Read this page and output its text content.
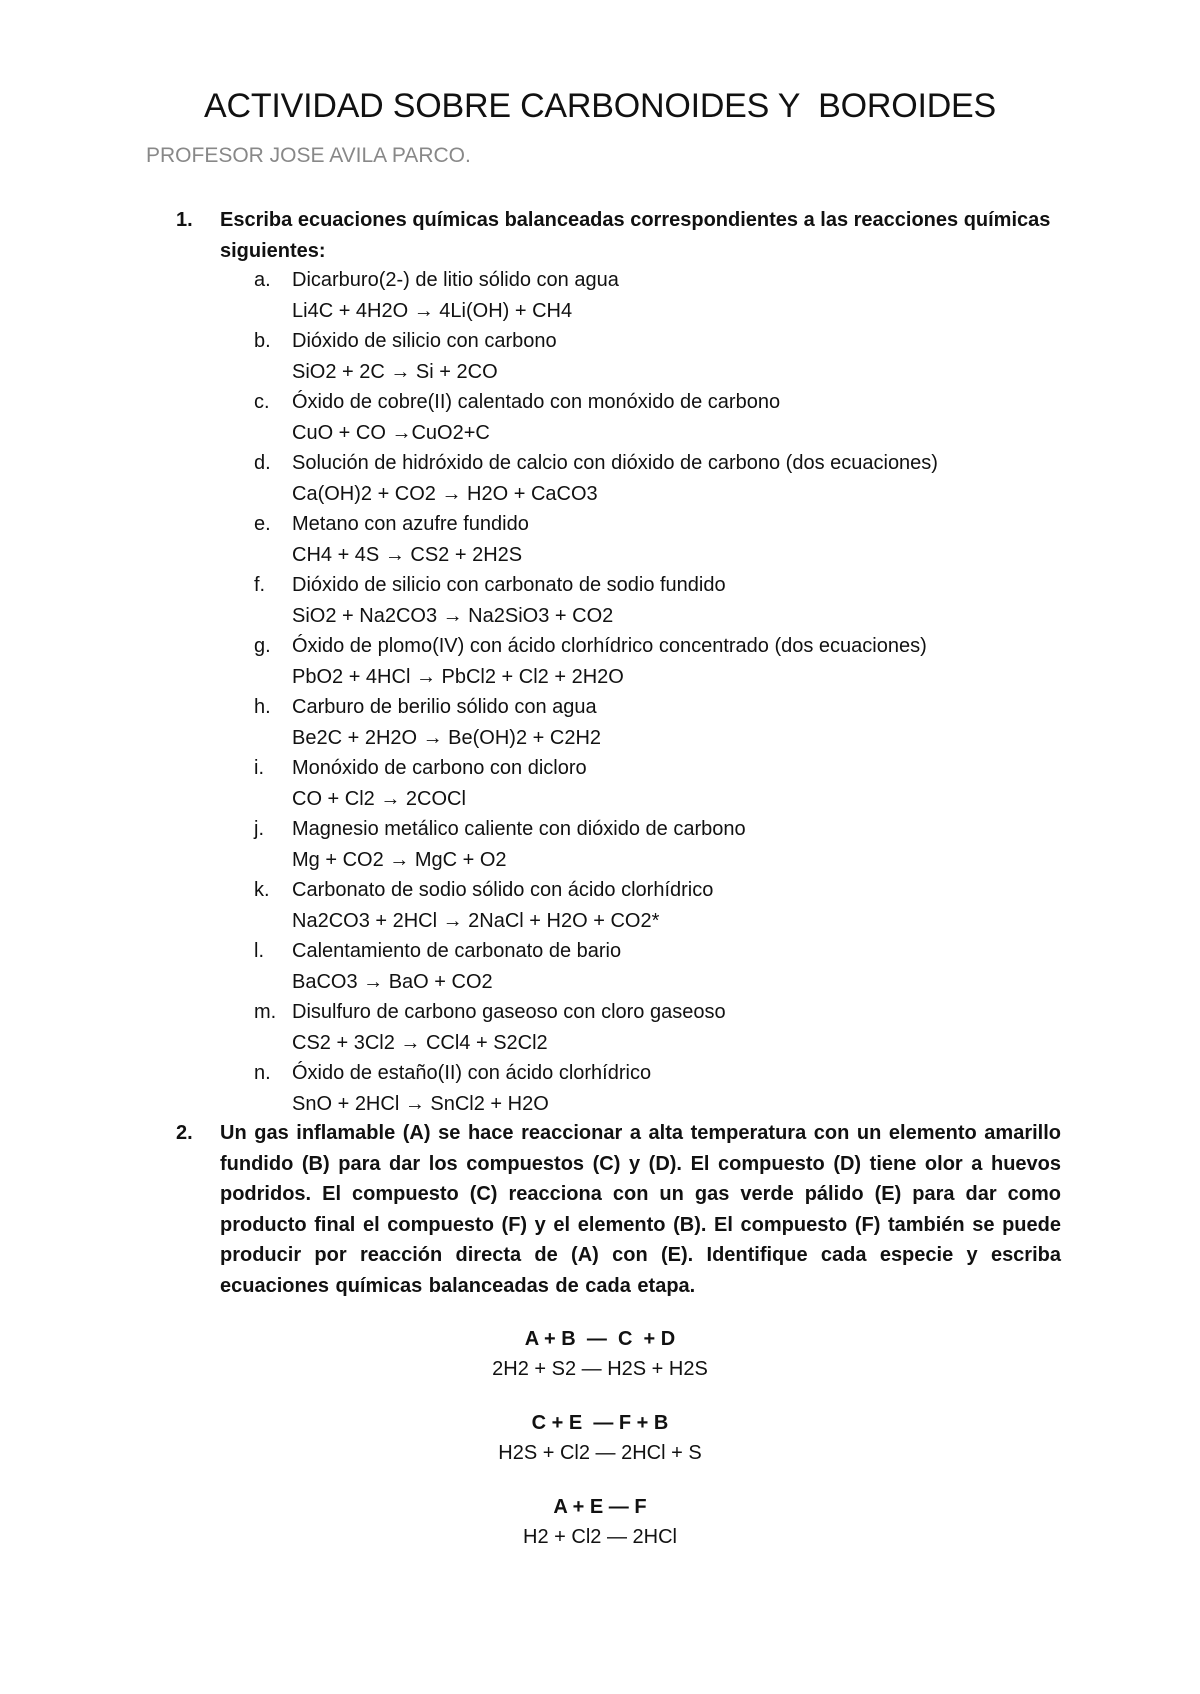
ACTIVIDAD SOBRE CARBONOIDES Y  BOROIDES
PROFESOR JOSE AVILA PARCO.
1. Escriba ecuaciones químicas balanceadas correspondientes a las reacciones químicas siguientes:
a. Dicarburo(2-) de litio sólido con agua
Li4C + 4H2O → 4Li(OH) + CH4
b. Dióxido de silicio con carbono
SiO2 + 2C → Si + 2CO
c. Óxido de cobre(II) calentado con monóxido de carbono
CuO + CO →CuO2+C
d. Solución de hidróxido de calcio con dióxido de carbono (dos ecuaciones)
Ca(OH)2 + CO2 → H2O + CaCO3
e. Metano con azufre fundido
CH4 + 4S → CS2 + 2H2S
f. Dióxido de silicio con carbonato de sodio fundido
SiO2 + Na2CO3 → Na2SiO3 + CO2
g. Óxido de plomo(IV) con ácido clorhídrico concentrado (dos ecuaciones)
PbO2 + 4HCl → PbCl2 + Cl2 + 2H2O
h. Carburo de berilio sólido con agua
Be2C + 2H2O → Be(OH)2 + C2H2
i. Monóxido de carbono con dicloro
CO + Cl2 → 2COCl
j. Magnesio metálico caliente con dióxido de carbono
Mg + CO2 → MgC + O2
k. Carbonato de sodio sólido con ácido clorhídrico
Na2CO3 + 2HCl → 2NaCl + H2O + CO2*
l. Calentamiento de carbonato de bario
BaCO3 → BaO + CO2
m. Disulfuro de carbono gaseoso con cloro gaseoso
CS2 + 3Cl2 → CCl4 + S2Cl2
n. Óxido de estaño(II) con ácido clorhídrico
SnO + 2HCl → SnCl2 + H2O
2. Un gas inflamable (A) se hace reaccionar a alta temperatura con un elemento amarillo fundido (B) para dar los compuestos (C) y (D). El compuesto (D) tiene olor a huevos podridos. El compuesto (C) reacciona con un gas verde pálido (E) para dar como producto final el compuesto (F) y el elemento (B). El compuesto (F) también se puede producir por reacción directa de (A) con (E). Identifique cada especie y escriba ecuaciones químicas balanceadas de cada etapa.
A + B  —  C  + D
2H2 + S2 — H2S + H2S
C + E  — F + B
H2S + Cl2 — 2HCl + S
A + E — F
H2 + Cl2 — 2HCl
